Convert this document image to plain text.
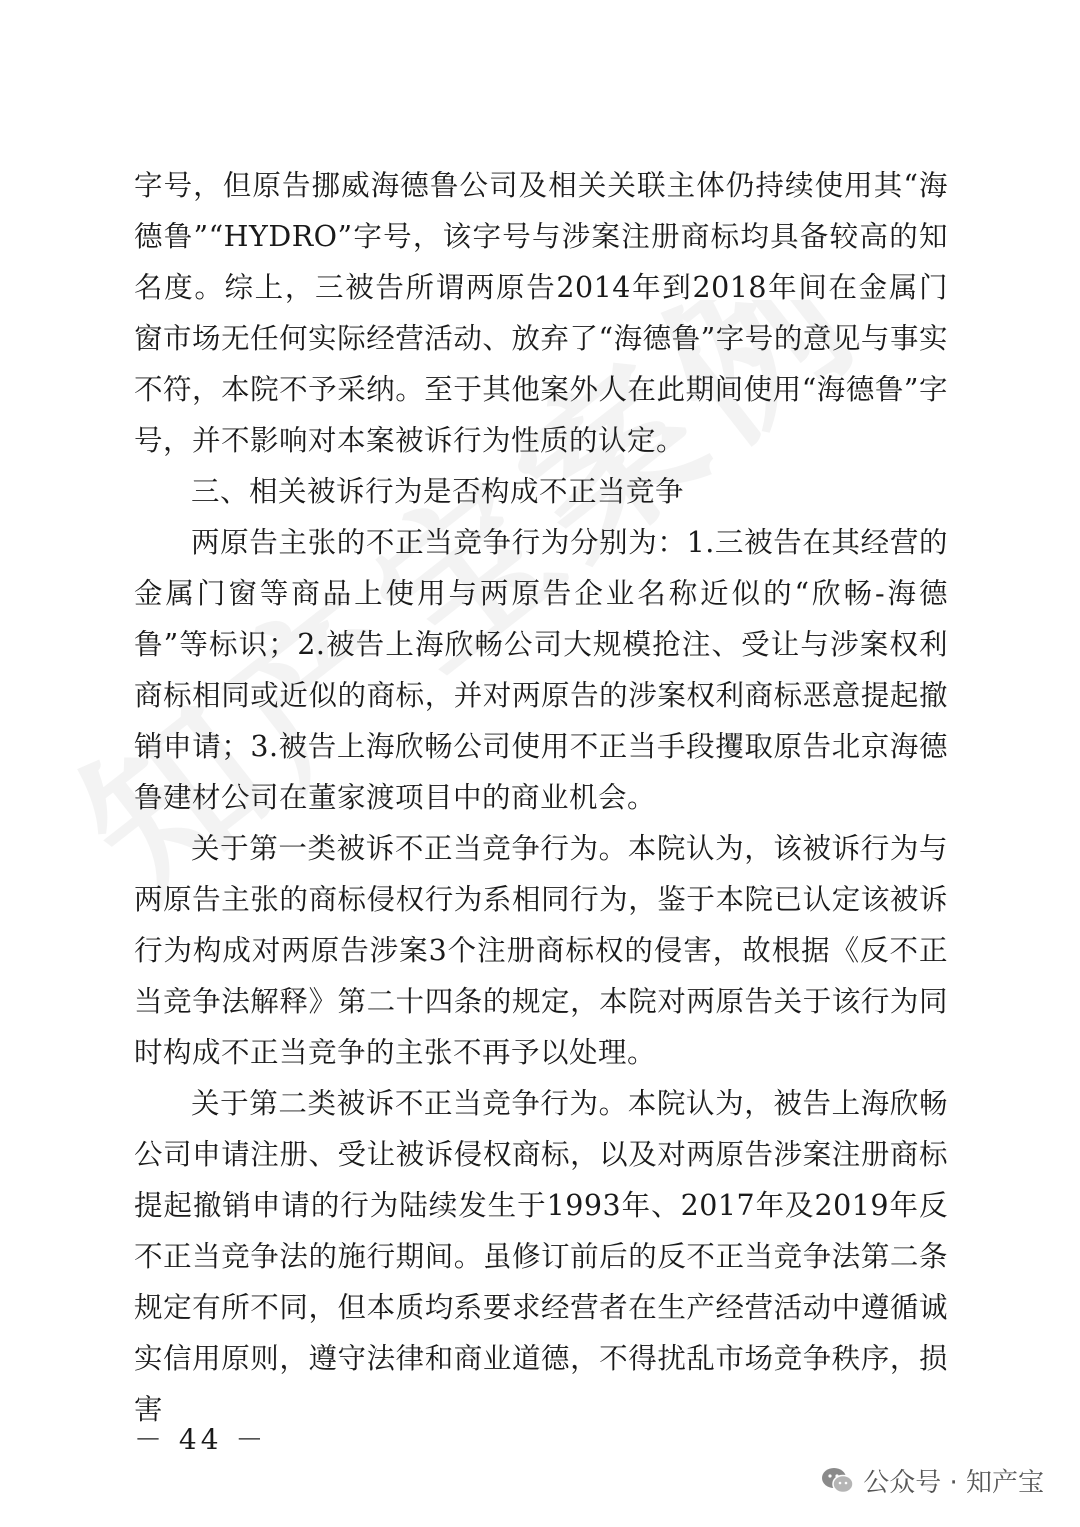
字号，但原告挪威海德鲁公司及相关关联主体仍持续使用其“海德鲁”“HYDRO”字号，该字号与涉案注册商标均具备较高的知名度。综上，三被告所谓两原告2014年到2018年间在金属门窗市场无任何实际经营活动、放弃了“海德鲁”字号的意见与事实不符，本院不予采纳。至于其他案外人在此期间使用“海德鲁”字号，并不影响对本案被诉行为性质的认定。

三、相关被诉行为是否构成不正当竞争

两原告主张的不正当竞争行为分别为：1.三被告在其经营的金属门窗等商品上使用与两原告企业名称近似的“欣畅-海德鲁”等标识；2.被告上海欣畅公司大规模抢注、受让与涉案权利商标相同或近似的商标，并对两原告的涉案权利商标恶意提起撤销申请；3.被告上海欣畅公司使用不正当手段攫取原告北京海德鲁建材公司在董家渡项目中的商业机会。

关于第一类被诉不正当竞争行为。本院认为，该被诉行为与两原告主张的商标侵权行为系相同行为，鉴于本院已认定该被诉行为构成对两原告涉案3个注册商标权的侵害，故根据《反不正当竞争法解释》第二十四条的规定，本院对两原告关于该行为同时构成不正当竞争的主张不再予以处理。

关于第二类被诉不正当竞争行为。本院认为，被告上海欣畅公司申请注册、受让被诉侵权商标，以及对两原告涉案注册商标提起撤销申请的行为陆续发生于1993年、2017年及2019年反不正当竞争法的施行期间。虽修订前后的反不正当竞争法第二条规定有所不同，但本质均系要求经营者在生产经营活动中遵循诚实信用原则，遵守法律和商业道德，不得扰乱市场竞争秩序，损害

－ 44 －
公众号 · 知产宝
